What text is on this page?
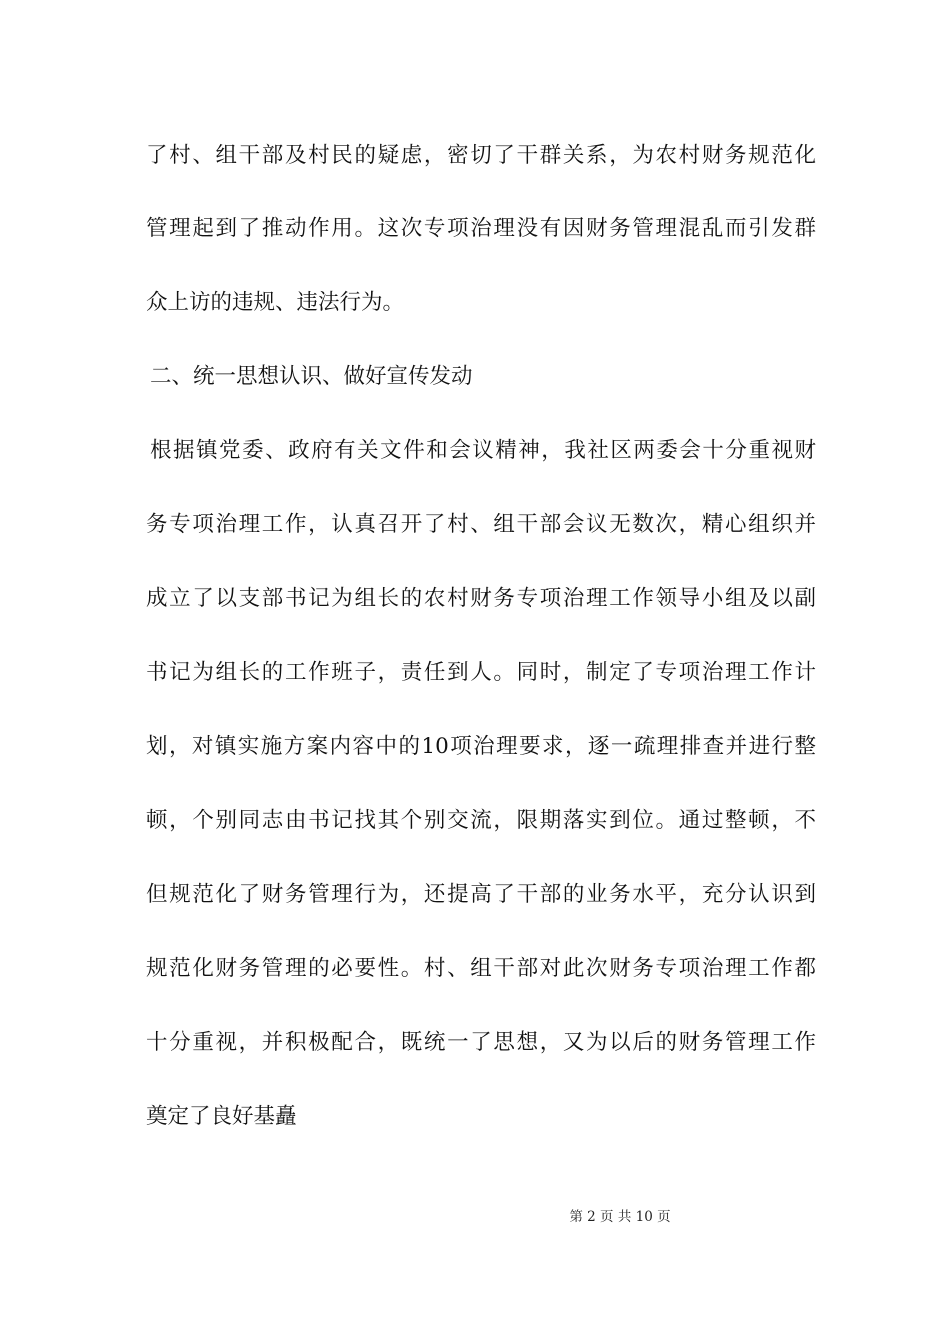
了村、组干部及村民的疑虑，密切了干群关系，为农村财务规范化
管理起到了推动作用。这次专项治理没有因财务管理混乱而引发群
众上访的违规、违法行为。
二、统一思想认识、做好宣传发动
根据镇党委、政府有关文件和会议精神，我社区两委会十分重视财
务专项治理工作，认真召开了村、组干部会议无数次，精心组织并
成立了以支部书记为组长的农村财务专项治理工作领导小组及以副
书记为组长的工作班子，责任到人。同时，制定了专项治理工作计
划，对镇实施方案内容中的10项治理要求，逐一疏理排查并进行整
顿，个别同志由书记找其个别交流，限期落实到位。通过整顿，不
但规范化了财务管理行为，还提高了干部的业务水平，充分认识到
规范化财务管理的必要性。村、组干部对此次财务专项治理工作都
十分重视，并积极配合，既统一了思想，又为以后的财务管理工作
奠定了良好基矗
第 2 页 共 10 页
